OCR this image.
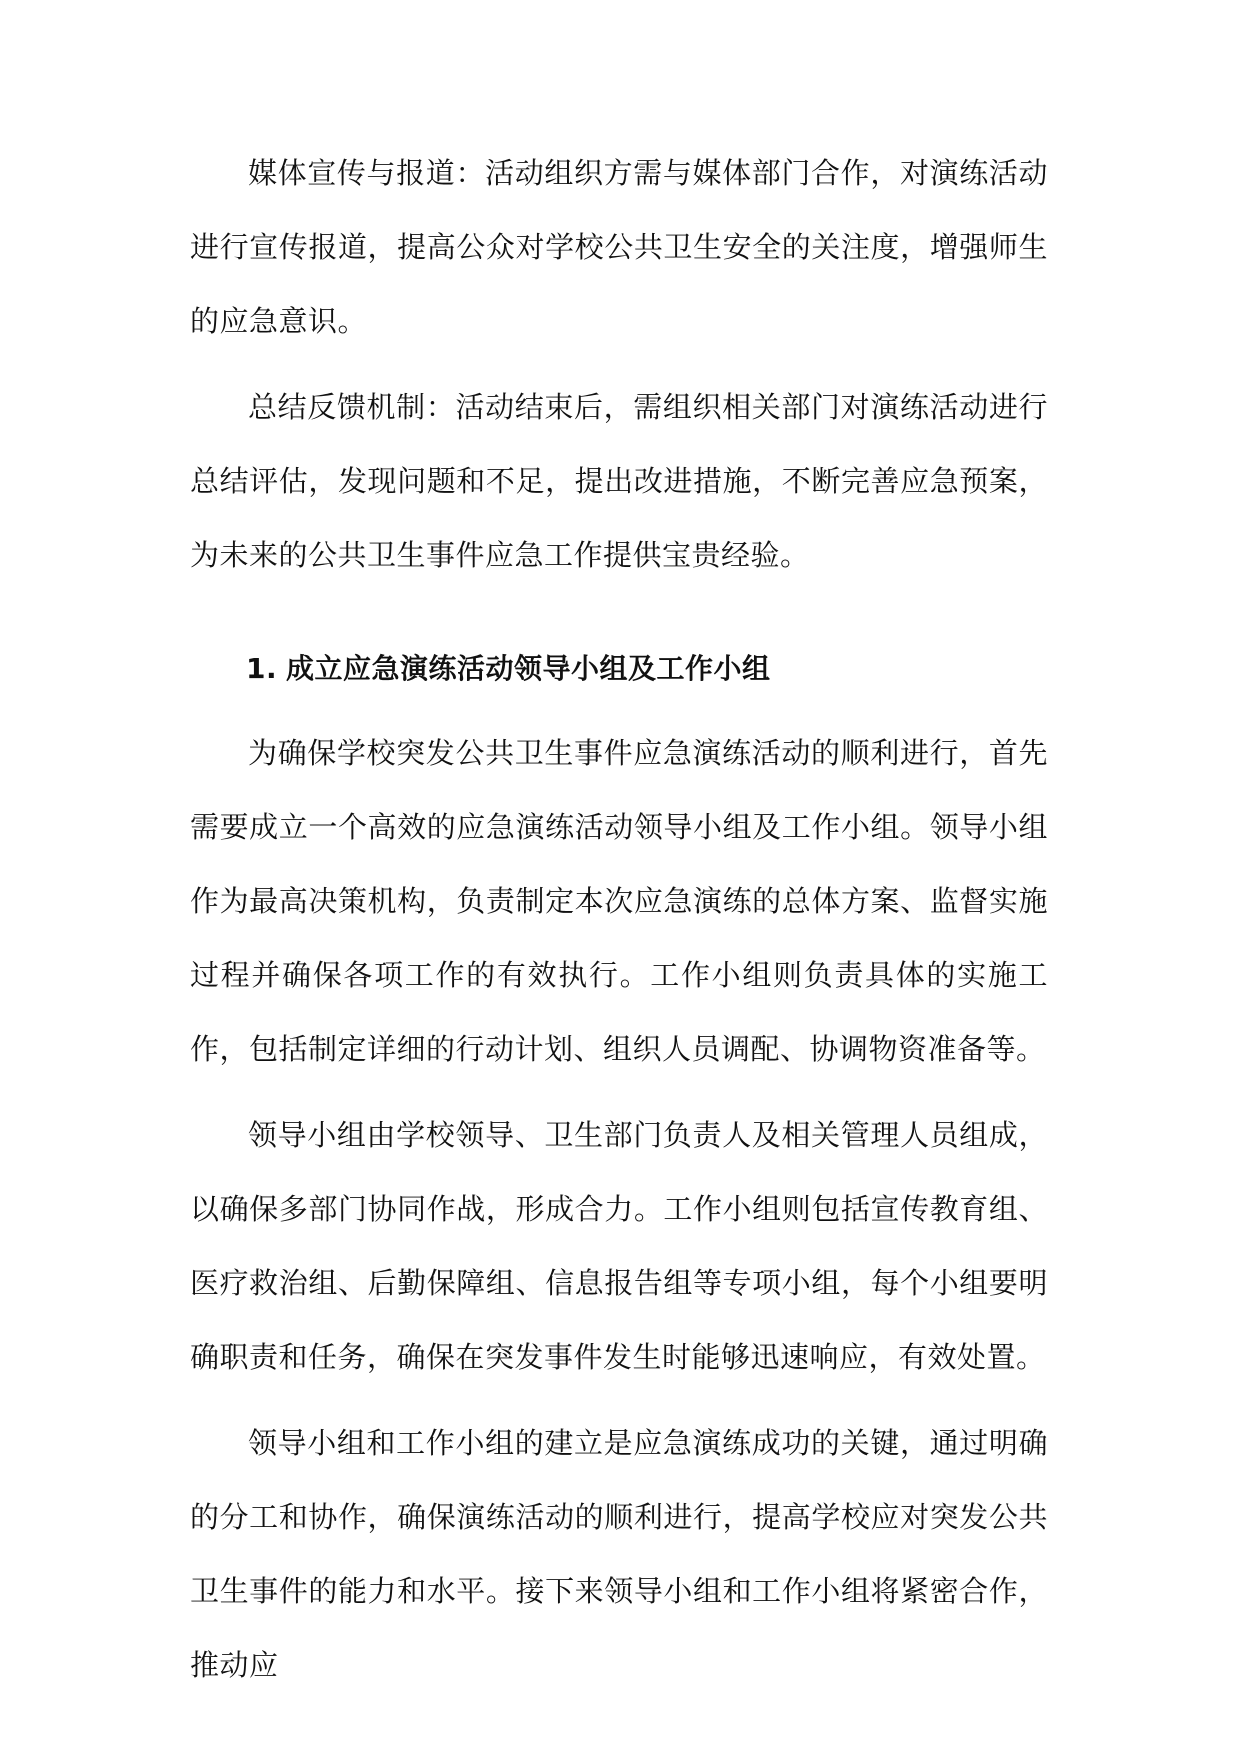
媒体宣传与报道：活动组织方需与媒体部门合作，对演练活动进行宣传报道，提高公众对学校公共卫生安全的关注度，增强师生的应急意识。

总结反馈机制：活动结束后，需组织相关部门对演练活动进行总结评估，发现问题和不足，提出改进措施，不断完善应急预案，为未来的公共卫生事件应急工作提供宝贵经验。

1. 成立应急演练活动领导小组及工作小组

为确保学校突发公共卫生事件应急演练活动的顺利进行，首先需要成立一个高效的应急演练活动领导小组及工作小组。领导小组作为最高决策机构，负责制定本次应急演练的总体方案、监督实施过程并确保各项工作的有效执行。工作小组则负责具体的实施工作，包括制定详细的行动计划、组织人员调配、协调物资准备等。

领导小组由学校领导、卫生部门负责人及相关管理人员组成，以确保多部门协同作战，形成合力。工作小组则包括宣传教育组、医疗救治组、后勤保障组、信息报告组等专项小组，每个小组要明确职责和任务，确保在突发事件发生时能够迅速响应，有效处置。

领导小组和工作小组的建立是应急演练成功的关键，通过明确的分工和协作，确保演练活动的顺利进行，提高学校应对突发公共卫生事件的能力和水平。接下来领导小组和工作小组将紧密合作，推动应
